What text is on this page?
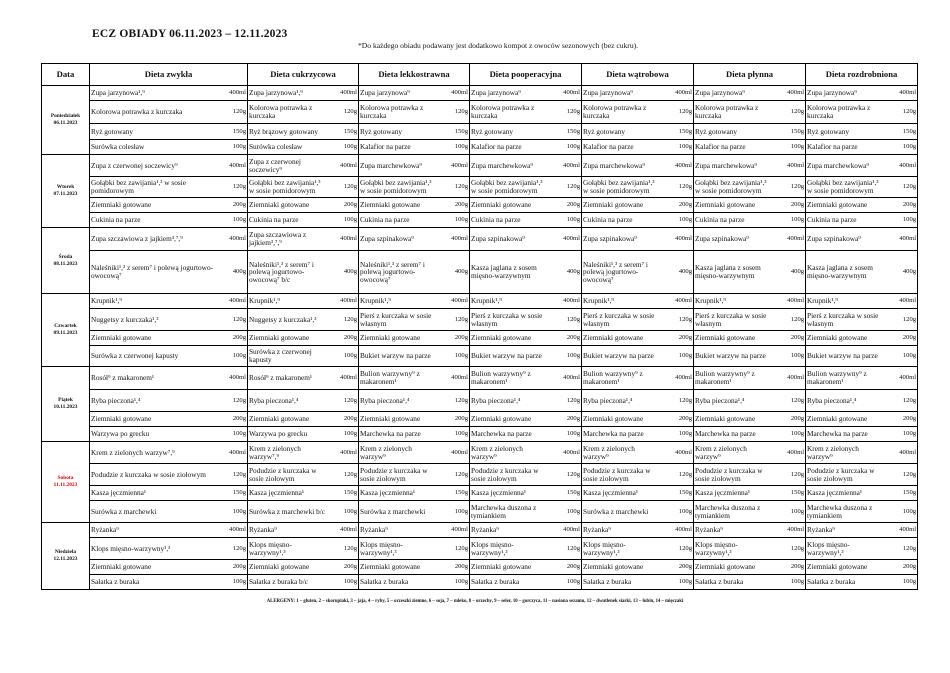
ECZ OBIADY 06.11.2023 – 12.11.2023
*Do każdego obiadu podawany jest dodatkowo kompot z owoców sezonowych (bez cukru).
Data	Dieta zwykła		Dieta cukrzycowa		Dieta lekkostrawna		Dieta pooperacyjna		Dieta wątrobowa		Dieta płynna		Dieta rozdrobniona	

Poniedziałek
06.11.2023	Zupa jarzynowa¹,⁹	400ml	Zupa jarzynowa¹,⁹	400ml	Zupa jarzynowa⁹	400ml	Zupa jarzynowa⁹	400ml	Zupa jarzynowa⁹	400ml	Zupa jarzynowa⁹	400ml	Zupa jarzynowa⁹	400ml
	Kolorowa potrawka z kurczaka	120g	Kolorowa potrawka z kurczaka	120g	Kolorowa potrawka z kurczaka	120g	Kolorowa potrawka z kurczaka	120g	Kolorowa potrawka z kurczaka	120g	Kolorowa potrawka z kurczaka	120g	Kolorowa potrawka z kurczaka	120g
	Ryż gotowany	150g	Ryż brązowy gotowany	150g	Ryż gotowany	150g	Ryż gotowany	150g	Ryż gotowany	150g	Ryż gotowany	150g	Ryż gotowany	150g
	Surówka colesław	100g	Surówka colesław	100g	Kalafior na parze	100g	Kalafior na parze	100g	Kalafior na parze	100g	Kalafior na parze	100g	Kalafior na parze	100g

Wtorek
07.11.2023	Zupa z czerwonej soczewicy⁹	400ml	Zupa z czerwonej soczewicy⁹	400ml	Zupa marchewkowa⁹	400ml	Zupa marchewkowa⁹	400ml	Zupa marchewkowa⁹	400ml	Zupa marchewkowa⁹	400ml	Zupa marchewkowa⁹	400ml
	Gołąbki bez zawijania¹,³ w sosie pomidorowym	120g	Gołąbki bez zawijania¹,³ w sosie pomidorowym	120g	Gołąbki bez zawijania¹,³ w sosie pomidorowym	120g	Gołąbki bez zawijania¹,³ w sosie pomidorowym	120g	Gołąbki bez zawijania¹,³ w sosie pomidorowym	120g	Gołąbki bez zawijania¹,³ w sosie pomidorowym	120g	Gołąbki bez zawijania¹,³ w sosie pomidorowym	120g
	Ziemniaki gotowane	200g	Ziemniaki gotowane	200g	Ziemniaki gotowane	200g	Ziemniaki gotowane	200g	Ziemniaki gotowane	200g	Ziemniaki gotowane	200g	Ziemniaki gotowane	200g
	Cukinia na parze	100g	Cukinia na parze	100g	Cukinia na parze	100g	Cukinia na parze	100g	Cukinia na parze	100g	Cukinia na parze	100g	Cukinia na parze	100g

Środa
08.11.2023	Zupa szczawiowa z jajkiem³,⁷,⁹	400ml	Zupa szczawiowa z jajkiem³,⁷,⁹	400ml	Zupa szpinakowa⁹	400ml	Zupa szpinakowa⁹	400ml	Zupa szpinakowa⁹	400ml	Zupa szpinakowa⁹	400ml	Zupa szpinakowa⁹	400ml
	Naleśniki¹,³ z serem⁷ i polewą jogurtowo-owocową⁷	400g	Naleśniki¹,³ z serem⁷ i polewą jogurtowo-owocową⁷ b/c	400g	Naleśniki¹,³ z serem⁷ i polewą jogurtowo-owocową⁷	400g	Kasza jaglana z sosem mięsno-warzywnym	400g	Naleśniki¹,³ z serem⁷ i polewą jogurtowo-owocową⁷	400g	Kasza jaglana z sosem mięsno-warzywnym	400g	Kasza jaglana z sosem mięsno-warzywnym	400g

Czwartek
09.11.2023	Krupnik¹,⁹	400ml	Krupnik¹,⁹	400ml	Krupnik¹,⁹	400ml	Krupnik¹,⁹	400ml	Krupnik¹,⁹	400ml	Krupnik¹,⁹	400ml	Krupnik¹,⁹	400ml
	Nuggetsy z kurczaka¹,³	120g	Nuggetsy z kurczaka¹,³	120g	Pierś z kurczaka w sosie własnym	120g	Pierś z kurczaka w sosie własnym	120g	Pierś z kurczaka w sosie własnym	120g	Pierś z kurczaka w sosie własnym	120g	Pierś z kurczaka w sosie własnym	120g
	Ziemniaki gotowane	200g	Ziemniaki gotowane	200g	Ziemniaki gotowane	200g	Ziemniaki gotowane	200g	Ziemniaki gotowane	200g	Ziemniaki gotowane	200g	Ziemniaki gotowane	200g
	Surówka z czerwonej kapusty	100g	Surówka z czerwonej kapusty	100g	Bukiet warzyw na parze	100g	Bukiet warzyw na parze	100g	Bukiet warzyw na parze	100g	Bukiet warzyw na parze	100g	Bukiet warzyw na parze	100g

Piątek
10.11.2023	Rosół⁹ z makaronem¹	400ml	Rosół⁹ z makaronem¹	400ml	Bulion warzywny⁹ z makaronem¹	400ml	Bulion warzywny⁹ z makaronem¹	400ml	Bulion warzywny⁹ z makaronem¹	400ml	Bulion warzywny⁹ z makaronem¹	400ml	Bulion warzywny⁹ z makaronem¹	400ml
	Ryba pieczona¹,⁴	120g	Ryba pieczona¹,⁴	120g	Ryba pieczona¹,⁴	120g	Ryba pieczona¹,⁴	120g	Ryba pieczona¹,⁴	120g	Ryba pieczona¹,⁴	120g	Ryba pieczona¹,⁴	120g
	Ziemniaki gotowane	200g	Ziemniaki gotowane	200g	Ziemniaki gotowane	200g	Ziemniaki gotowane	200g	Ziemniaki gotowane	200g	Ziemniaki gotowane	200g	Ziemniaki gotowane	200g
	Warzywa po grecku	100g	Warzywa po grecku	100g	Marchewka na parze	100g	Marchewka na parze	100g	Marchewka na parze	100g	Marchewka na parze	100g	Marchewka na parze	100g

Sobota
11.11.2023	Krem z zielonych warzyw⁷,⁹	400ml	Krem z zielonych warzyw⁷,⁹	400ml	Krem z zielonych warzyw⁹	400ml	Krem z zielonych warzyw⁹	400ml	Krem z zielonych warzyw⁹	400ml	Krem z zielonych warzyw⁹	400ml	Krem z zielonych warzyw⁹	400ml
	Podudzie z kurczaka w sosie ziołowym	120g	Podudzie z kurczaka w sosie ziołowym	120g	Podudzie z kurczaka w sosie ziołowym	120g	Podudzie z kurczaka w sosie ziołowym	120g	Podudzie z kurczaka w sosie ziołowym	120g	Podudzie z kurczaka w sosie ziołowym	120g	Podudzie z kurczaka w sosie ziołowym	120g
	Kasza jęczmienna¹	150g	Kasza jęczmienna¹	150g	Kasza jęczmienna¹	150g	Kasza jęczmienna¹	150g	Kasza jęczmienna¹	150g	Kasza jęczmienna¹	150g	Kasza jęczmienna¹	150g
	Surówka z marchewki	100g	Surówka z marchewki b/c	100g	Surówka z marchewki	100g	Marchewka duszona z tymiankiem	100g	Surówka z marchewki	100g	Marchewka duszona z tymiankiem	100g	Marchewka duszona z tymiankiem	100g

Niedziela
12.11.2023	Ryżanka⁹	400ml	Ryżanka⁹	400ml	Ryżanka⁹	400ml	Ryżanka⁹	400ml	Ryżanka⁹	400ml	Ryżanka⁹	400ml	Ryżanka⁹	400ml
	Klops mięsno-warzywny¹,³	120g	Klops mięsno-warzywny¹,³	120g	Klops mięsno-warzywny¹,³	120g	Klops mięsno-warzywny¹,³	120g	Klops mięsno-warzywny¹,³	120g	Klops mięsno-warzywny¹,³	120g	Klops mięsno-warzywny¹,³	120g
	Ziemniaki gotowane	200g	Ziemniaki gotowane	200g	Ziemniaki gotowane	200g	Ziemniaki gotowane	200g	Ziemniaki gotowane	200g	Ziemniaki gotowane	200g	Ziemniaki gotowane	200g
	Sałatka z buraka	100g	Sałatka z buraka b/c	100g	Sałatka z buraka	100g	Sałatka z buraka	100g	Sałatka z buraka	100g	Sałatka z buraka	100g	Sałatka z buraka	100g
ALERGENY: 1 – gluten, 2 – skorupiaki, 3 – jaja, 4 – ryby, 5 – orzeszki ziemne, 6 – soja, 7 – mleko, 8 – orzechy, 9 – seler, 10 – gorczyca, 11 – nasiona sezamu, 12 – dwutlenek siarki, 13 – łubin, 14 – mięczaki
